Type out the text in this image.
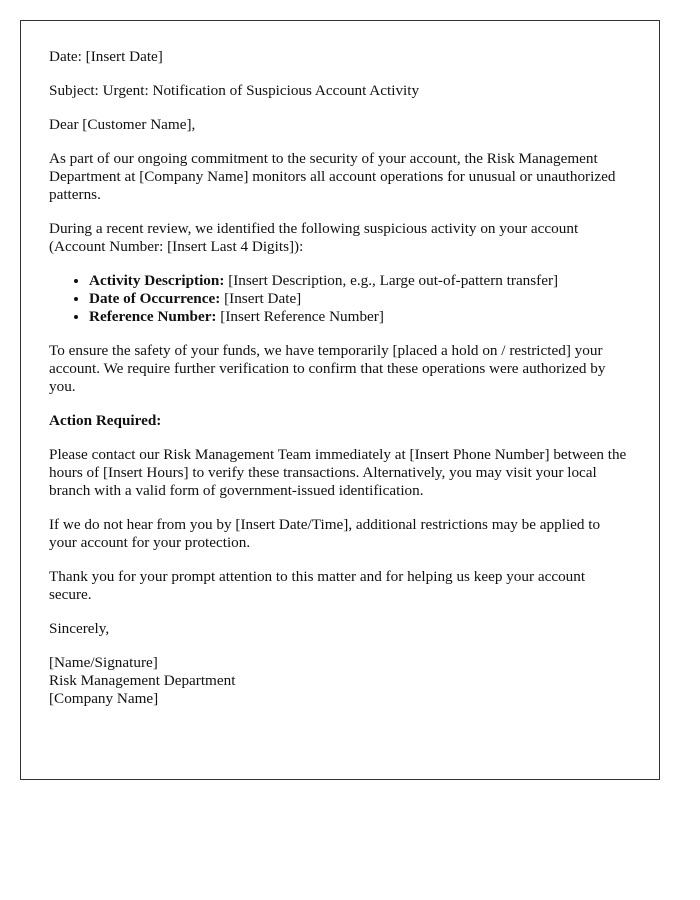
Date: [Insert Date]

Subject: Urgent: Notification of Suspicious Account Activity

Dear [Customer Name],

As part of our ongoing commitment to the security of your account, the Risk Management Department at [Company Name] monitors all account operations for unusual or unauthorized patterns.

During a recent review, we identified the following suspicious activity on your account (Account Number: [Insert Last 4 Digits]):

• Activity Description: [Insert Description, e.g., Large out-of-pattern transfer]
• Date of Occurrence: [Insert Date]
• Reference Number: [Insert Reference Number]

To ensure the safety of your funds, we have temporarily [placed a hold on / restricted] your account. We require further verification to confirm that these operations were authorized by you.

Action Required:

Please contact our Risk Management Team immediately at [Insert Phone Number] between the hours of [Insert Hours] to verify these transactions. Alternatively, you may visit your local branch with a valid form of government-issued identification.

If we do not hear from you by [Insert Date/Time], additional restrictions may be applied to your account for your protection.

Thank you for your prompt attention to this matter and for helping us keep your account secure.

Sincerely,

[Name/Signature]
Risk Management Department
[Company Name]
